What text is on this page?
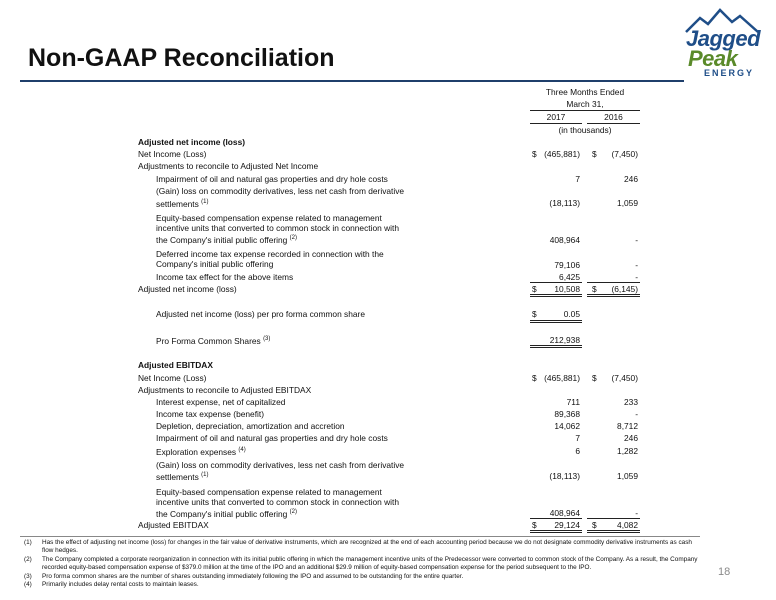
Non-GAAP Reconciliation
Jagged
Peak
ENERGY
Three Months Ended
March 31,
2017	2016
(in thousands)
Adjusted net income (loss)
Net Income (Loss)	$ (465,881) $	(7,450)
Adjustments to reconcile to Adjusted Net Income
Impairment of oil and natural gas properties and dry hole costs	7	246
(Gain) loss on commodity derivatives, less net cash from derivative
settlements $^{(1)}$	(18,113)	1,059
Equity-based compensation expense related to management
incentive units that converted to common stock in connection with
the Company's initial public offering $^{(2)}$	408,964	-
Deferred income tax expense recorded in connection with the
Company's initial public offering	79,106	-
Income tax effect for the above items	6,425	-
Adjusted net income (loss)	$	10,508 $	(6,145)
Adjusted net income (loss) per pro forma common share	$	0.05
Pro Forma Common Shares $^{(3)}$	212,938
Adjusted EBITDAX
Net Income (Loss)	$ (465,881) $	(7,450)
Adjustments to reconcile to Adjusted EBITDAX
Interest expense, net of capitalized	711	233
Income tax expense (benefit)	89,368	-
Depletion, depreciation, amortization and accretion	14,062	8,712
Impairment of oil and natural gas properties and dry hole costs	7	246
Exploration expenses $^{(4)}$	6	1,282
(Gain) loss on commodity derivatives, less net cash from derivative
settlements $^{(1)}$	(18,113)	1,059
Equity-based compensation expense related to management
incentive units that converted to common stock in connection with
the Company's initial public offering $^{(2)}$	408,964	-
Adjusted EBITDAX	$	29,124 $	4,082
(1) Has the effect of adjusting net income (loss) for changes in the fair value of derivative instruments, which are recognized at the end of each accounting period because we do not designate commodity derivative instruments as cash flow hedges.
(2) The Company completed a corporate reorganization in connection with its initial public offering in which the management incentive units of the Predecessor were converted to common stock of the Company. As a result, the Company recorded equity-based compensation expense of $379.0 million at the time of the IPO and an additional $29.9 million of equity-based compensation expense for the period subsequent to the IPO.
(3) Pro forma common shares are the number of shares outstanding immediately following the IPO and assumed to be outstanding for the entire quarter.
(4) Primarily includes delay rental costs to maintain leases.
18
